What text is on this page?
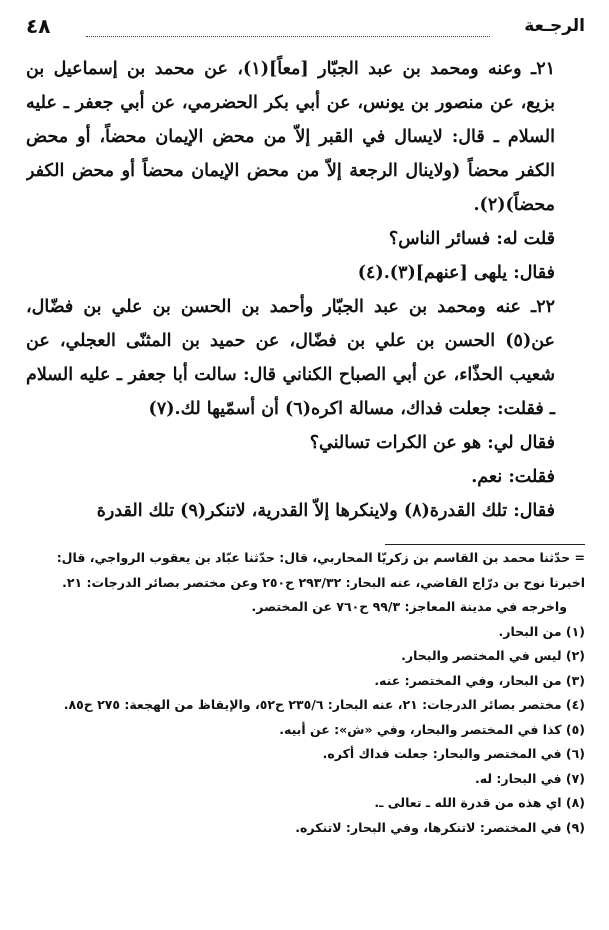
الرجـعة
٤٨

٢١ـ وعنه ومحمد بن عبد الجبّار [معاً](١)، عن محمد بن إسماعيل بن بزيع، عن منصور بن يونس، عن أبي بكر الحضرمي، عن أبي جعفر ـ عليه السلام ـ قال: لايسال في القبر إلاّ من محض الإيمان محضاً، أو محض الكفر محضاً (ولاينال الرجعة إلاّ من محض الإيمان محضاً أو محض الكفر محضاً)(٢).

قلت له: فسائر الناس؟

فقال: يلهى [عنهم](٣).(٤)

٢٢ـ عنه ومحمد بن عبد الجبّار وأحمد بن الحسن بن علي بن فضّال، عن(٥) الحسن بن علي بن فضّال، عن حميد بن المثنّى العجلي، عن شعيب الحذّاء، عن أبي الصباح الكناني قال: سالت أبا جعفر ـ عليه السلام ـ فقلت: جعلت فداك، مسالة اكره(٦) أن أسمّيها لك.(٧)

فقال لي: هو عن الكرات تسالني؟

فقلت: نعم.

فقال: تلك القدرة(٨) ولاينكرها إلاّ القدرية، لاتنكر(٩) تلك القدرة

= حدّثنا محمد بن القاسم بن زكريّا المحاربي، قال: حدّثنا عبّاد بن يعقوب الرواجي، قال: اخبرنا نوح بن درّاج القاضي، عنه البحار: ٢٩٣/٣٢ ح٢٥٠ وعن مختصر بصائر الدرجات: ٢١.

واخرجه في مدينة المعاجز: ٩٩/٣ ح٧٦٠ عن المختصر.

(١) من البحار.

(٢) ليس في المختصر والبحار.

(٣) من البحار، وفي المختصر: عنه.

(٤) مختصر بصائر الدرجات: ٢١، عنه البحار: ٢٣٥/٦ ح٥٢، والإيقاظ من الهجعة: ٢٧٥ ح٨٥.

(٥) كذا في المختصر والبحار، وفي «ش»: عن أبيه.

(٦) في المختصر والبحار: جعلت فداك أكره.

(٧) في البحار: له.

(٨) اي هذه من قدرة الله ـ تعالى ـ.

(٩) في المختصر: لاتنكرها، وفي البحار: لاتنكره.
